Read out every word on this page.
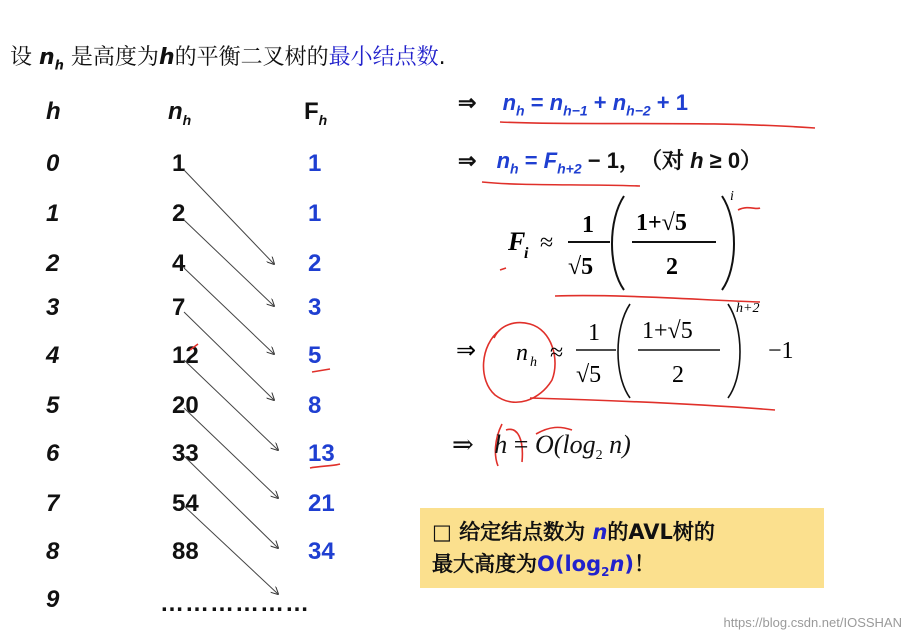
设 $n_h$ 是高度为h的平衡二叉树的最小结点数.
h	$n_h$	$F_h$
0
1
2
3
4
5
6
7
8
9
1
2
4
7
12
20
33
54
88
1
1
2
3
5
8
13
21
34
………………
⇒ $n_h = n_{h-1} + n_{h-2} + 1$
⇒ $n_h = F_{h+2} - 1$， （对 h ≥ 0）
F
i ≈
1
√5
1+√5
2
i
⇒ n h ≈
1
√5
1+√5
2
h+2
−1
⇒ $h = O(\log_2$ n)
□ 给定结点数为 n的AVL树的
最大高度为$O(\log_2n)$！
https://blog.csdn.net/IOSSHAN
